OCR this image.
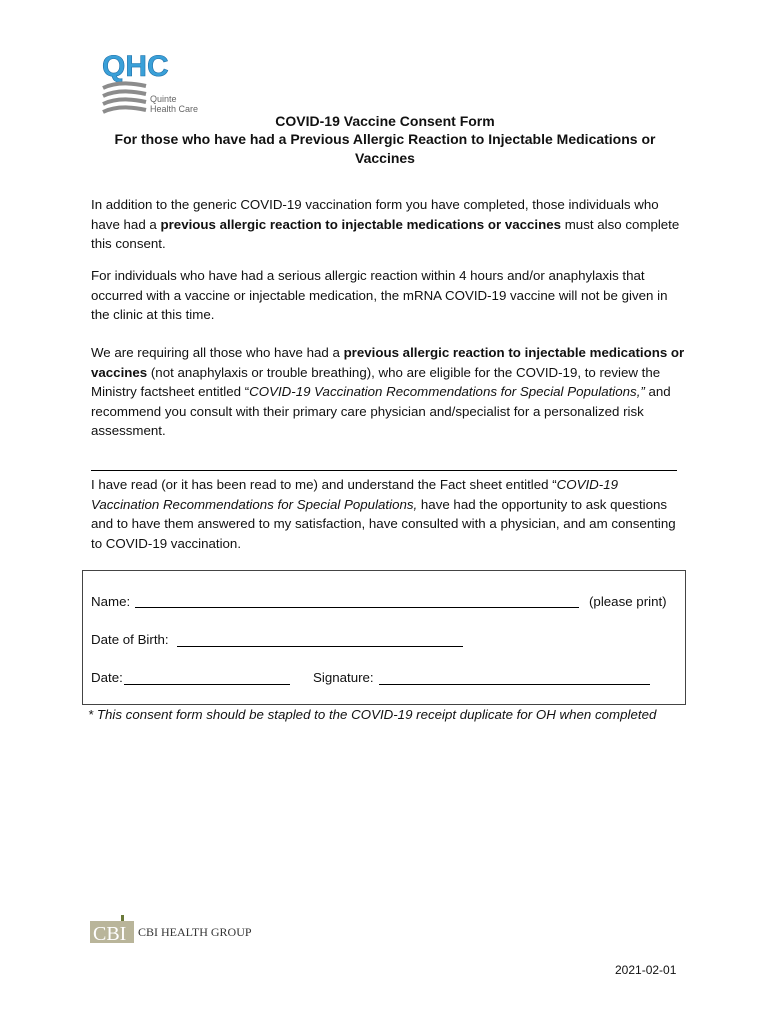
QHC
Quinte
Health Care
COVID-19 Vaccine Consent Form
For those who have had a Previous Allergic Reaction to Injectable Medications or
Vaccines
In addition to the generic COVID-19 vaccination form you have completed, those individuals who have had a previous allergic reaction to injectable medications or vaccines must also complete this consent.
For individuals who have had a serious allergic reaction within 4 hours and/or anaphylaxis that occurred with a vaccine or injectable medication, the mRNA COVID-19 vaccine will not be given in the clinic at this time.
We are requiring all those who have had a previous allergic reaction to injectable medications or vaccines (not anaphylaxis or trouble breathing), who are eligible for the COVID-19, to review the Ministry factsheet entitled “COVID-19 Vaccination Recommendations for Special Populations,” and recommend you consult with their primary care physician and/specialist for a personalized risk assessment.
I have read (or it has been read to me) and understand the Fact sheet entitled “COVID-19 Vaccination Recommendations for Special Populations, have had the opportunity to ask questions and to have them answered to my satisfaction, have consulted with a physician, and am consenting to COVID-19 vaccination.
Name:	(please print)
Date of Birth:
Date:	Signature:
* This consent form should be stapled to the COVID-19 receipt duplicate for OH when completed
CBI CBI HEALTH GROUP
2021-02-01
